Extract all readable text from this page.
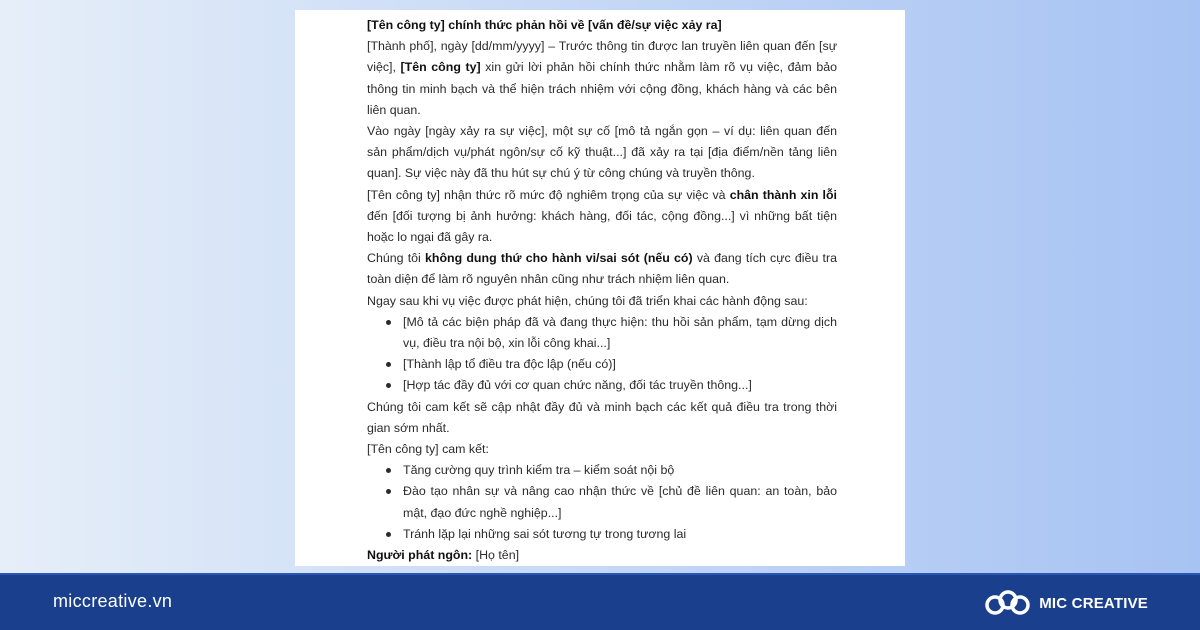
[Tên công ty] chính thức phản hồi về [vấn đề/sự việc xảy ra]

[Thành phố], ngày [dd/mm/yyyy] – Trước thông tin được lan truyền liên quan đến [sự việc], [Tên công ty] xin gửi lời phản hồi chính thức nhằm làm rõ vụ việc, đảm bảo thông tin minh bạch và thể hiện trách nhiệm với cộng đồng, khách hàng và các bên liên quan.

Vào ngày [ngày xảy ra sự việc], một sự cố [mô tả ngắn gọn – ví dụ: liên quan đến sản phẩm/dịch vụ/phát ngôn/sự cố kỹ thuật...] đã xảy ra tại [địa điểm/nền tảng liên quan]. Sự việc này đã thu hút sự chú ý từ công chúng và truyền thông.

[Tên công ty] nhận thức rõ mức độ nghiêm trọng của sự việc và chân thành xin lỗi đến [đối tượng bị ảnh hưởng: khách hàng, đối tác, cộng đồng...] vì những bất tiện hoặc lo ngại đã gây ra.

Chúng tôi không dung thứ cho hành vi/sai sót (nếu có) và đang tích cực điều tra toàn diện để làm rõ nguyên nhân cũng như trách nhiệm liên quan.

Ngay sau khi vụ việc được phát hiện, chúng tôi đã triển khai các hành động sau:

[Mô tả các biện pháp đã và đang thực hiện: thu hồi sản phẩm, tạm dừng dịch vụ, điều tra nội bộ, xin lỗi công khai...]
[Thành lập tổ điều tra độc lập (nếu có)]
[Hợp tác đầy đủ với cơ quan chức năng, đối tác truyền thông...]

Chúng tôi cam kết sẽ cập nhật đầy đủ và minh bạch các kết quả điều tra trong thời gian sớm nhất.

[Tên công ty] cam kết:

Tăng cường quy trình kiểm tra – kiểm soát nội bộ
Đào tạo nhân sự và nâng cao nhận thức về [chủ đề liên quan: an toàn, bảo mật, đạo đức nghề nghiệp...]
Tránh lặp lại những sai sót tương tự trong tương lai

Người phát ngôn: [Họ tên]

miccreative.vn	MIC CREATIVE
